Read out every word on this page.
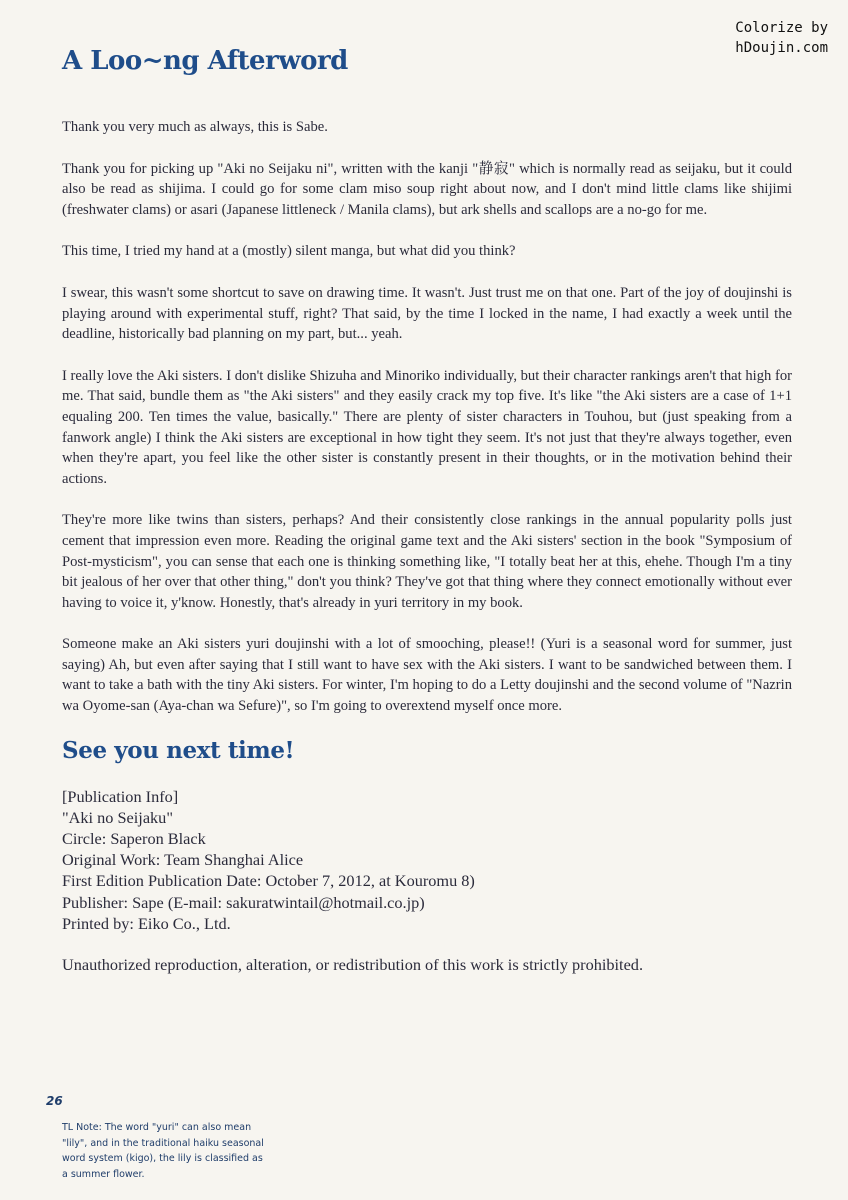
Colorize by
hDoujin.com
A Loo~ng Afterword

Thank you very much as always, this is Sabe.

Thank you for picking up "Aki no Seijaku ni", written with the kanji "静寂" which is normally read as seijaku, but it could also be read as shijima. I could go for some clam miso soup right about now, and I don't mind little clams like shijimi (freshwater clams) or asari (Japanese littleneck / Manila clams), but ark shells and scallops are a no-go for me.

This time, I tried my hand at a (mostly) silent manga, but what did you think?

I swear, this wasn't some shortcut to save on drawing time. It wasn't. Just trust me on that one. Part of the joy of doujinshi is playing around with experimental stuff, right? That said, by the time I locked in the name, I had exactly a week until the deadline, historically bad planning on my part, but... yeah.

I really love the Aki sisters. I don't dislike Shizuha and Minoriko individually, but their character rankings aren't that high for me. That said, bundle them as "the Aki sisters" and they easily crack my top five. It's like "the Aki sisters are a case of 1+1 equaling 200. Ten times the value, basically." There are plenty of sister characters in Touhou, but (just speaking from a fanwork angle) I think the Aki sisters are exceptional in how tight they seem. It's not just that they're always together, even when they're apart, you feel like the other sister is constantly present in their thoughts, or in the motivation behind their actions.

They're more like twins than sisters, perhaps? And their consistently close rankings in the annual popularity polls just cement that impression even more. Reading the original game text and the Aki sisters' section in the book "Symposium of Post-mysticism", you can sense that each one is thinking something like, "I totally beat her at this, ehehe. Though I'm a tiny bit jealous of her over that other thing," don't you think? They've got that thing where they connect emotionally without ever having to voice it, y'know. Honestly, that's already in yuri territory in my book.

Someone make an Aki sisters yuri doujinshi with a lot of smooching, please!! (Yuri is a seasonal word for summer, just saying) Ah, but even after saying that I still want to have sex with the Aki sisters. I want to be sandwiched between them. I want to take a bath with the tiny Aki sisters. For winter, I'm hoping to do a Letty doujinshi and the second volume of "Nazrin wa Oyome-san (Aya-chan wa Sefure)", so I'm going to overextend myself once more.

See you next time!
[Publication Info]
"Aki no Seijaku"
Circle: Saperon Black
Original Work: Team Shanghai Alice
First Edition Publication Date: October 7, 2012, at Kouromu 8)
Publisher: Sape (E-mail: sakuratwintail@hotmail.co.jp)
Printed by: Eiko Co., Ltd.
Unauthorized reproduction, alteration, or redistribution of this work is strictly prohibited.
26
TL Note: The word "yuri" can also mean
"lily", and in the traditional haiku seasonal
word system (kigo), the lily is classified as
a summer flower.
